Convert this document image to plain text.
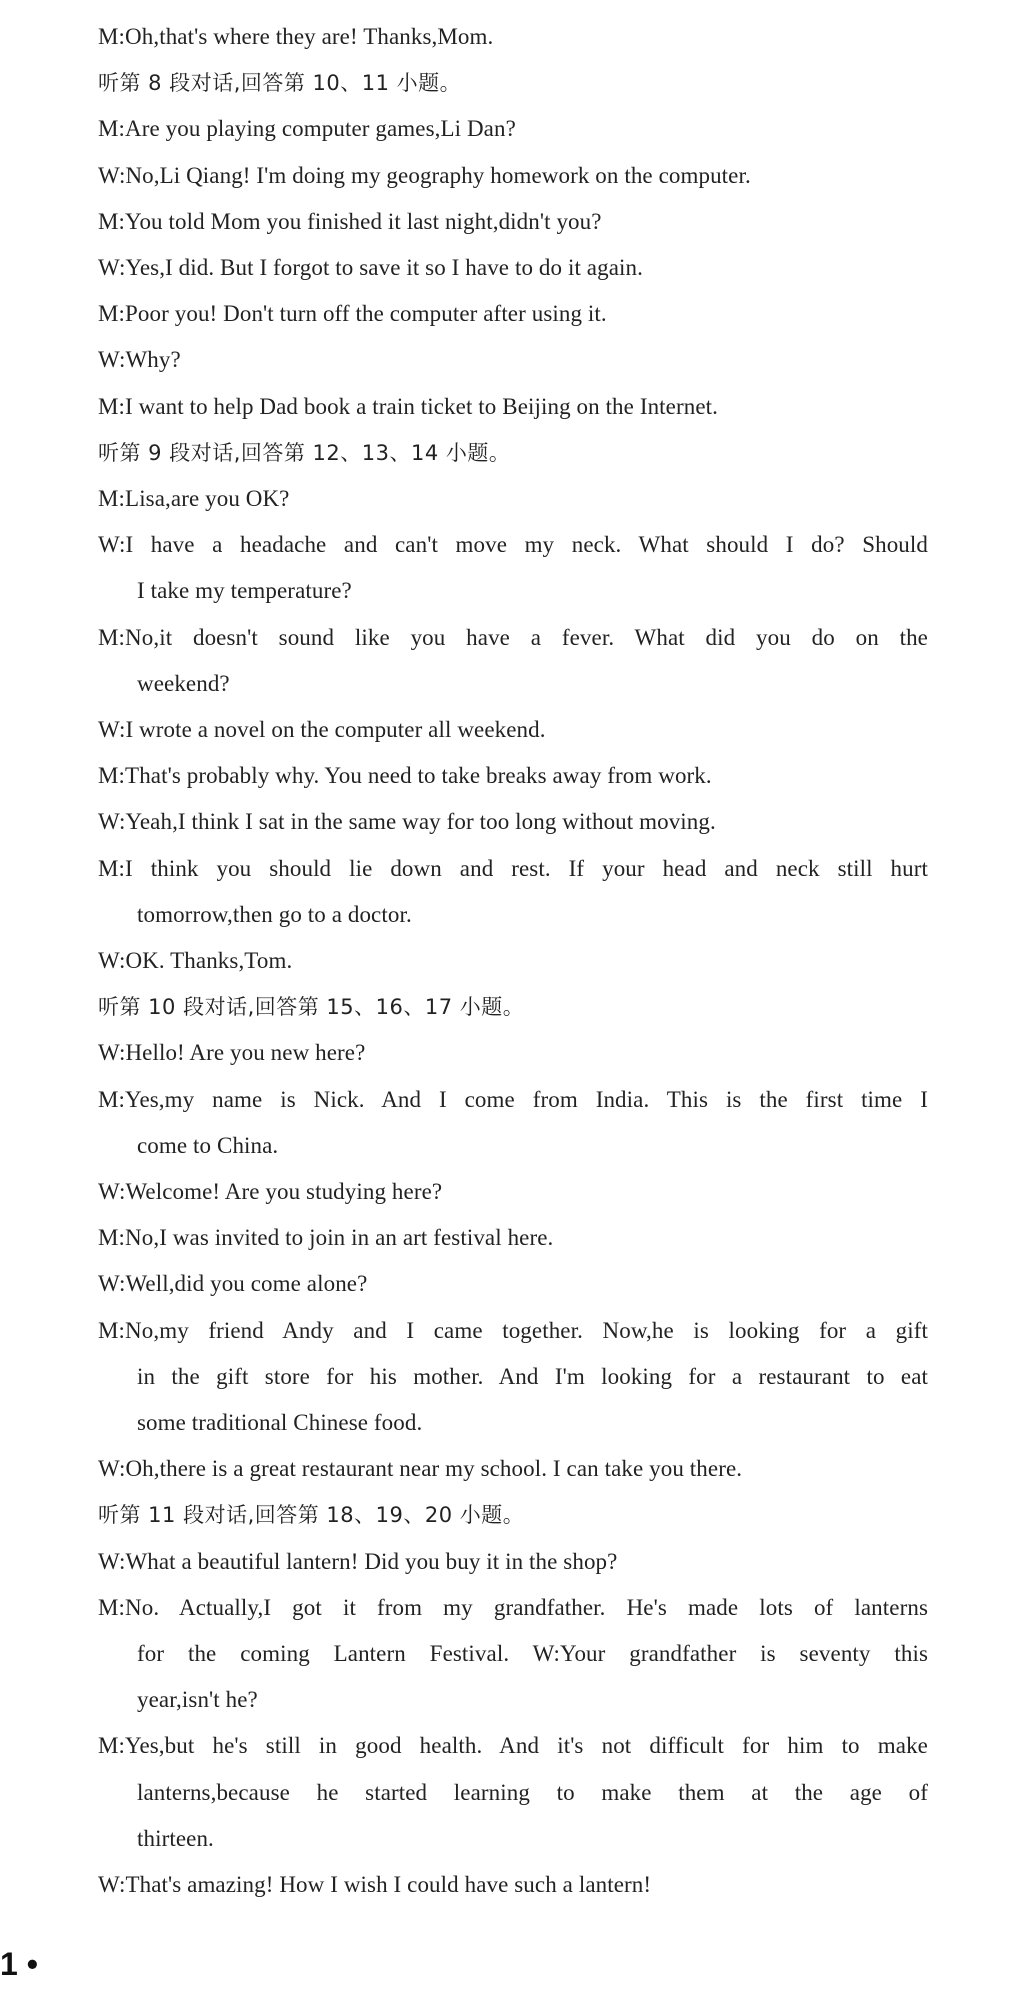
M:Oh,that's where they are! Thanks,Mom.
听第 8 段对话,回答第 10、11 小题。
M:Are you playing computer games,Li Dan?
W:No,Li Qiang! I'm doing my geography homework on the computer.
M:You told Mom you finished it last night,didn't you?
W:Yes,I did. But I forgot to save it so I have to do it again.
M:Poor you! Don't turn off the computer after using it.
W:Why?
M:I want to help Dad book a train ticket to Beijing on the Internet.
听第 9 段对话,回答第 12、13、14 小题。
M:Lisa,are you OK?
W:I have a headache and can't move my neck. What should I do? Should
I take my temperature?
M:No,it doesn't sound like you have a fever. What did you do on the
weekend?
W:I wrote a novel on the computer all weekend.
M:That's probably why. You need to take breaks away from work.
W:Yeah,I think I sat in the same way for too long without moving.
M:I think you should lie down and rest. If your head and neck still hurt
tomorrow,then go to a doctor.
W:OK. Thanks,Tom.
听第 10 段对话,回答第 15、16、17 小题。
W:Hello! Are you new here?
M:Yes,my name is Nick. And I come from India. This is the first time I
come to China.
W:Welcome! Are you studying here?
M:No,I was invited to join in an art festival here.
W:Well,did you come alone?
M:No,my friend Andy and I came together. Now,he is looking for a gift
in the gift store for his mother. And I'm looking for a restaurant to eat
some traditional Chinese food.
W:Oh,there is a great restaurant near my school. I can take you there.
听第 11 段对话,回答第 18、19、20 小题。
W:What a beautiful lantern! Did you buy it in the shop?
M:No. Actually,I got it from my grandfather. He's made lots of lanterns
for the coming Lantern Festival. W:Your grandfather is seventy this
year,isn't he?
M:Yes,but he's still in good health. And it's not difficult for him to make
lanterns,because he started learning to make them at the age of
thirteen.
W:That's amazing! How I wish I could have such a lantern!
1 •
